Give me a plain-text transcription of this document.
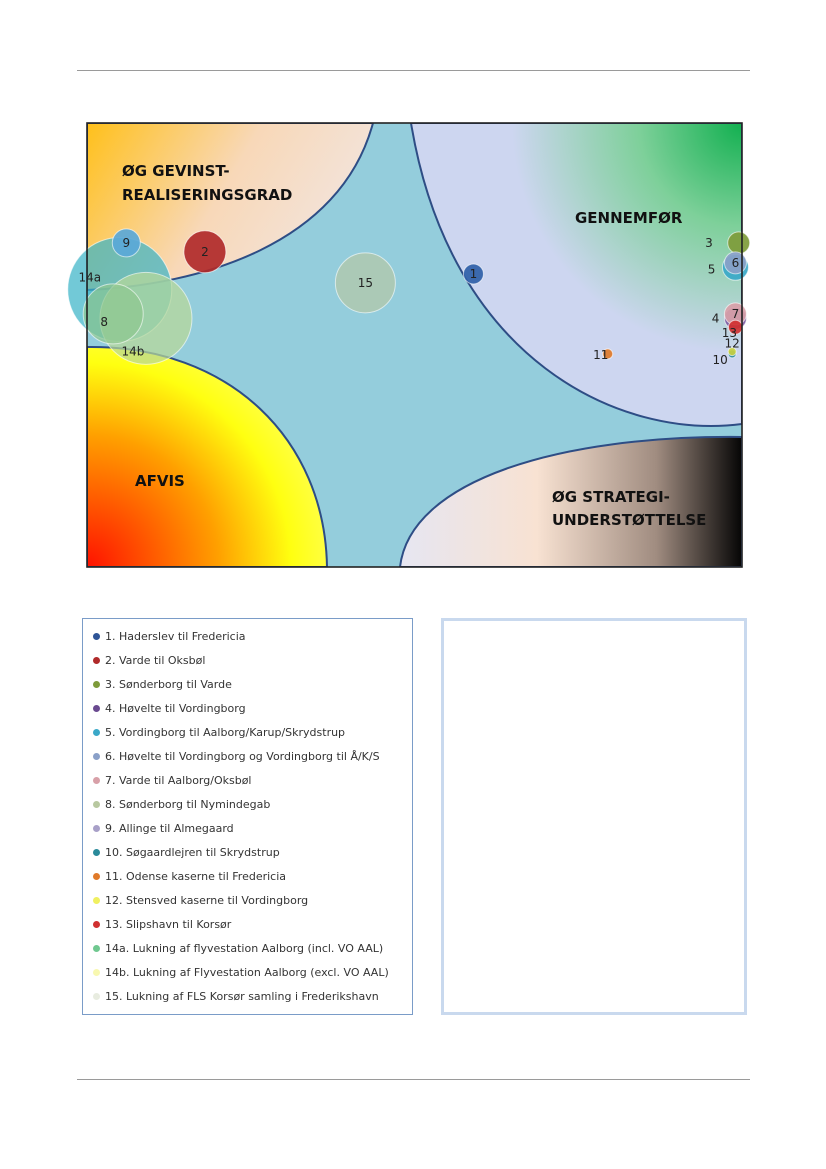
14a
14b
8
15
2
9
5
3
4
6
7
1
13
11	10
12
ØG GEVINST-
REALISERINGSGRAD
GENNEMFØR
AFVIS
ØG STRATEGI-
UNDERSTØTTELSE
1. Haderslev til Fredericia
2. Varde til Oksbøl
3. Sønderborg til Varde
4. Høvelte til Vordingborg
5. Vordingborg til Aalborg/Karup/Skrydstrup
6. Høvelte til Vordingborg og Vordingborg til Å/K/S
7. Varde til Aalborg/Oksbøl
8. Sønderborg til Nymindegab
9. Allinge til Almegaard
10. Søgaardlejren til Skrydstrup
11. Odense kaserne til Fredericia
12. Stensved kaserne til Vordingborg
13. Slipshavn til Korsør
14a. Lukning af flyvestation Aalborg (incl. VO AAL)
14b. Lukning af Flyvestation Aalborg (excl. VO AAL)
15. Lukning af FLS Korsør samling i Frederikshavn
